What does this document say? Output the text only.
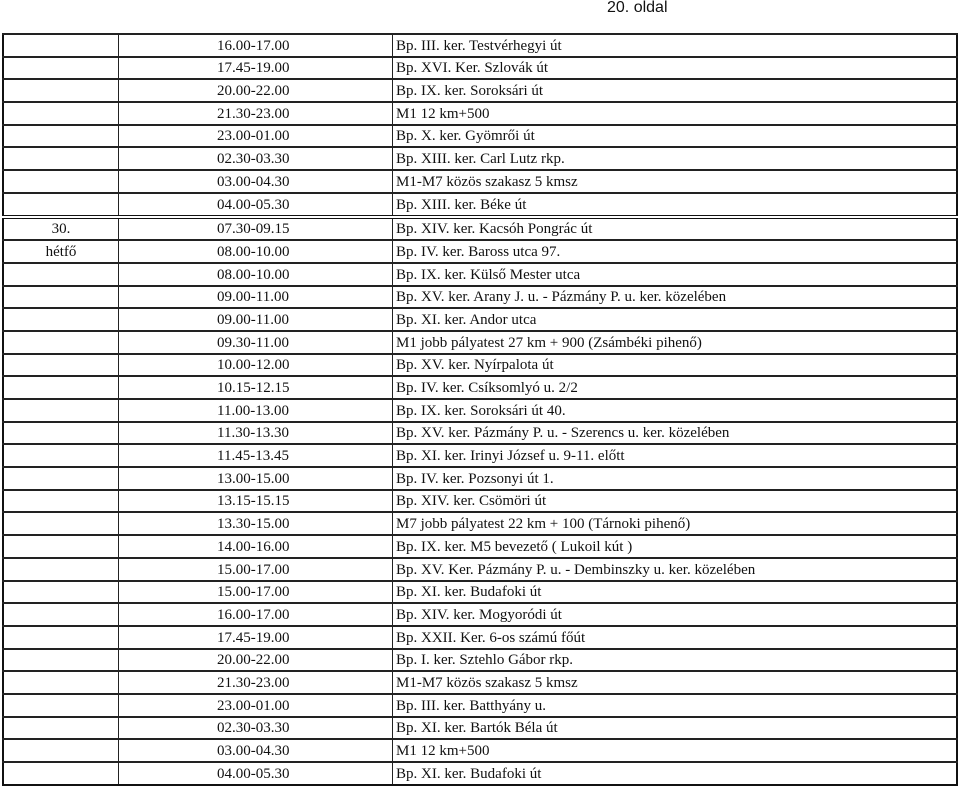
20. oldal
	16.00-17.00	Bp. III. ker. Testvérhegyi út
	17.45-19.00	Bp. XVI. Ker. Szlovák út
	20.00-22.00	Bp. IX. ker. Soroksári út
	21.30-23.00	M1 12 km+500
	23.00-01.00	Bp. X. ker. Gyömrői út
	02.30-03.30	Bp. XIII. ker. Carl Lutz rkp.
	03.00-04.30	M1-M7 közös szakasz 5 kmsz
	04.00-05.30	Bp. XIII. ker. Béke út
30.	07.30-09.15	Bp. XIV. ker. Kacsóh Pongrác út
hétfő	08.00-10.00	Bp. IV. ker. Baross utca 97.
	08.00-10.00	Bp. IX. ker. Külső Mester utca
	09.00-11.00	Bp. XV. ker. Arany J. u. - Pázmány P. u. ker. közelében
	09.00-11.00	Bp. XI. ker. Andor utca
	09.30-11.00	M1 jobb pályatest 27 km + 900 (Zsámbéki pihenő)
	10.00-12.00	Bp. XV. ker. Nyírpalota út
	10.15-12.15	Bp. IV. ker. Csíksomlyó u. 2/2
	11.00-13.00	Bp. IX. ker. Soroksári út 40.
	11.30-13.30	Bp. XV. ker. Pázmány P. u. - Szerencs u. ker. közelében
	11.45-13.45	Bp. XI. ker. Irinyi József u. 9-11. előtt
	13.00-15.00	Bp. IV. ker. Pozsonyi út 1.
	13.15-15.15	Bp. XIV. ker. Csömöri út
	13.30-15.00	M7 jobb pályatest 22 km + 100 (Tárnoki pihenő)
	14.00-16.00	Bp. IX. ker. M5 bevezető ( Lukoil kút )
	15.00-17.00	Bp. XV. Ker. Pázmány P. u. - Dembinszky u. ker. közelében
	15.00-17.00	Bp. XI. ker. Budafoki út
	16.00-17.00	Bp. XIV. ker. Mogyoródi út
	17.45-19.00	Bp. XXII. Ker. 6-os számú főút
	20.00-22.00	Bp. I. ker. Sztehlo Gábor rkp.
	21.30-23.00	M1-M7 közös szakasz 5 kmsz
	23.00-01.00	Bp. III. ker. Batthyány u.
	02.30-03.30	Bp. XI. ker. Bartók Béla út
	03.00-04.30	M1 12 km+500
	04.00-05.30	Bp. XI. ker. Budafoki út
